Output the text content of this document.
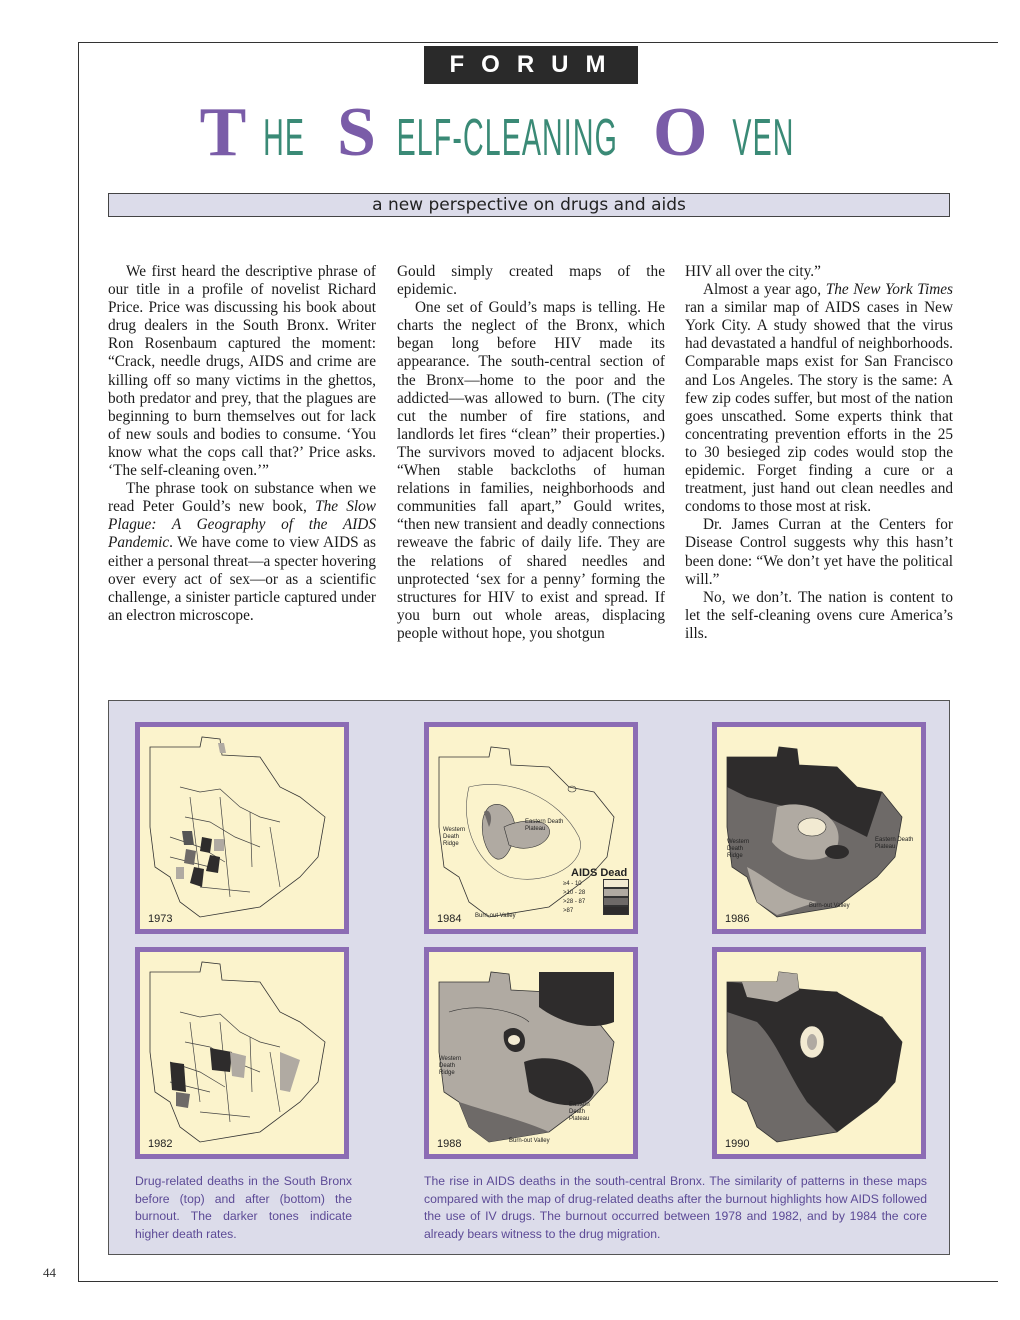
FORUM
T HE S ELF-CLEANING O VEN
a new perspective on drugs and aids

We first heard the descriptive phrase of our title in a profile of novelist Richard Price. Price was discussing his book about drug dealers in the South Bronx. Writer Ron Rosenbaum captured the moment: “Crack, needle drugs, AIDS and crime are killing off so many victims in the ghettos, both predator and prey, that the plagues are beginning to burn themselves out for lack of new souls and bodies to consume. ‘You know what the cops call that?’ Price asks. ‘The self-cleaning oven.’”

The phrase took on substance when we read Peter Gould’s new book, The Slow Plague: A Geography of the AIDS Pandemic. We have come to view AIDS as either a personal threat—a specter hovering over every act of sex—or as a scientific challenge, a sinister particle captured under an electron microscope.

Gould simply created maps of the epidemic.

One set of Gould’s maps is telling. He charts the neglect of the Bronx, which began long before HIV made its appearance. The south-central section of the Bronx—home to the poor and the addicted—was allowed to burn. (The city cut the number of fire stations, and landlords let fires “clean” their properties.) The survivors moved to adjacent blocks. “When stable backcloths of human relations in families, neighborhoods and communities fall apart,” Gould writes, “then new transient and deadly connections reweave the fabric of daily life. They are the relations of shared needles and unprotected ‘sex for a penny’ forming the structures for HIV to exist and spread. If you burn out whole areas, displacing people without hope, you shotgun

HIV all over the city.”

Almost a year ago, The New York Times ran a similar map of AIDS cases in New York City. A study showed that the virus had devastated a handful of neighborhoods. Comparable maps exist for San Francisco and Los Angeles. The story is the same: A few zip codes suffer, but most of the nation goes unscathed. Some experts think that concentrating prevention efforts in the 25 to 30 besieged zip codes would stop the epidemic. Forget finding a cure or a treatment, just hand out clean needles and condoms to those most at risk.

Dr. James Curran at the Centers for Disease Control suggests why this hasn’t been done: “We don’t yet have the political will.”

No, we don’t. The nation is content to let the self-cleaning ovens cure America’s ills.

1973
Western Death Ridge
Eastern Death Plateau
Burn-out Valley
AIDS Dead
≥4 - 10
>10 - 28
>28 - 87
>87
1984
Western Death Ridge
Eastern Death Plateau
Burn-out Valley
1986
1982
Western Death Ridge
Eastern Death Plateau
Burn-out Valley
1988	1990
Drug-related deaths in the South Bronx before (top) and after (bottom) the burnout. The darker tones indicate higher death rates.
The rise in AIDS deaths in the south-central Bronx. The similarity of patterns in these maps compared with the map of drug-related deaths after the burnout highlights how AIDS followed the use of IV drugs. The burnout occurred between 1978 and 1982, and by 1984 the core already bears witness to the drug migration.
44
